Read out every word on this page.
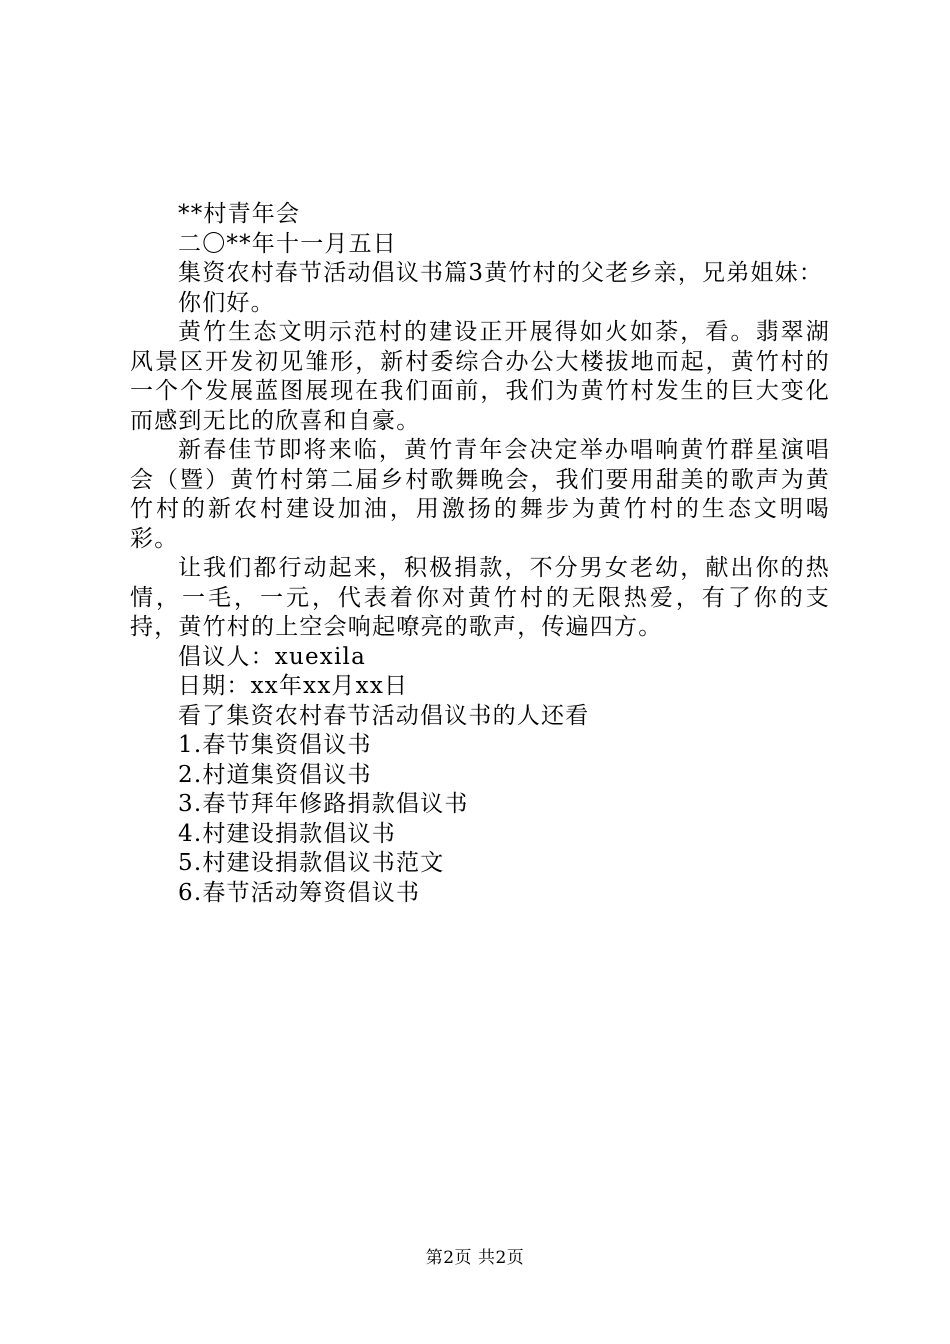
**村青年会

二〇**年十一月五日

集资农村春节活动倡议书篇3黄竹村的父老乡亲，兄弟姐妹：

你们好。

黄竹生态文明示范村的建设正开展得如火如荼，看。翡翠湖风景区开发初见雏形，新村委综合办公大楼拔地而起，黄竹村的一个个发展蓝图展现在我们面前，我们为黄竹村发生的巨大变化而感到无比的欣喜和自豪。

新春佳节即将来临，黄竹青年会决定举办唱响黄竹群星演唱会（暨）黄竹村第二届乡村歌舞晚会，我们要用甜美的歌声为黄竹村的新农村建设加油，用激扬的舞步为黄竹村的生态文明喝彩。

让我们都行动起来，积极捐款，不分男女老幼，献出你的热情，一毛，一元，代表着你对黄竹村的无限热爱，有了你的支持，黄竹村的上空会响起嘹亮的歌声，传遍四方。

倡议人：xuexila

日期：xx年xx月xx日

看了集资农村春节活动倡议书的人还看

1.春节集资倡议书

2.村道集资倡议书

3.春节拜年修路捐款倡议书

4.村建设捐款倡议书

5.村建设捐款倡议书范文

6.春节活动筹资倡议书

第2页 共2页
